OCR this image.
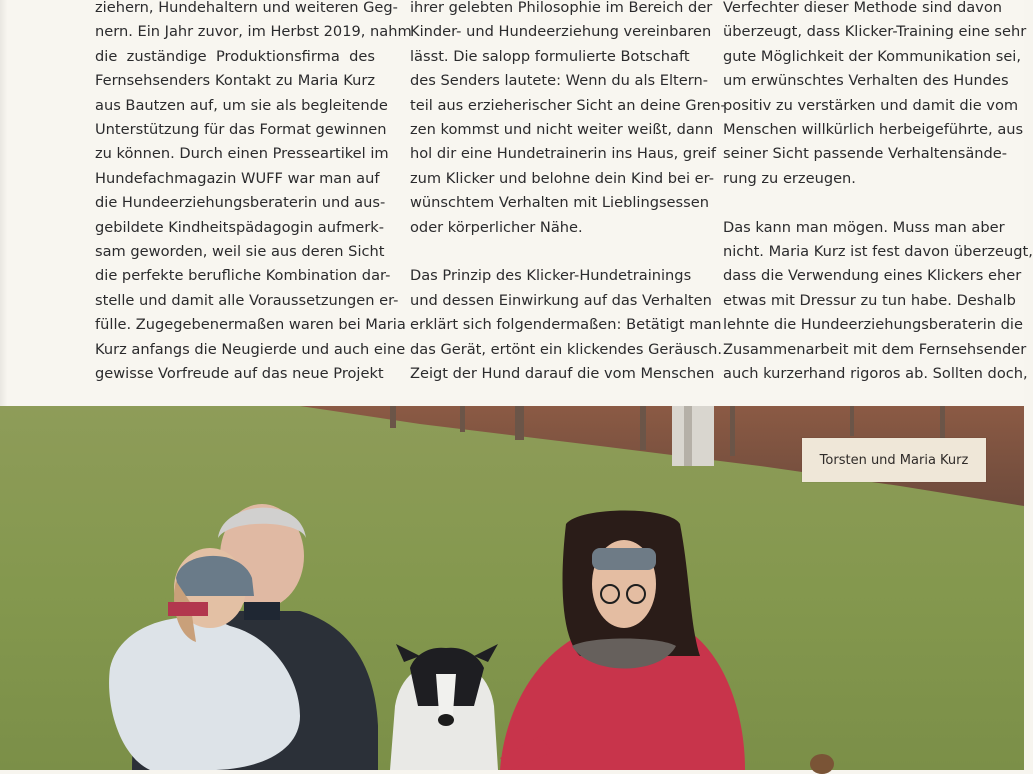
ziehern, Hundehaltern und weiteren Geg-
nern. Ein Jahr zuvor, im Herbst 2019, nahm
die zuständige Produktionsfirma des
Fernsehsenders Kontakt zu Maria Kurz
aus Bautzen auf, um sie als begleitende
Unterstützung für das Format gewinnen
zu können. Durch einen Presseartikel im
Hundefachmagazin WUFF war man auf
die Hundeerziehungsberaterin und aus-
gebildete Kindheitspädagogin aufmerk-
sam geworden, weil sie aus deren Sicht
die perfekte berufliche Kombination dar-
stelle und damit alle Voraussetzungen er-
fülle. Zugegebenermaßen waren bei Maria
Kurz anfangs die Neugierde und auch eine
gewisse Vorfreude auf das neue Projekt
ihrer gelebten Philosophie im Bereich der
Kinder- und Hundeerziehung vereinbaren
lässt. Die salopp formulierte Botschaft
des Senders lautete: Wenn du als Eltern-
teil aus erzieherischer Sicht an deine Gren-
zen kommst und nicht weiter weißt, dann
hol dir eine Hundetrainerin ins Haus, greif
zum Klicker und belohne dein Kind bei er-
wünschtem Verhalten mit Lieblingsessen
oder körperlicher Nähe.
Das Prinzip des Klicker-Hundetrainings
und dessen Einwirkung auf das Verhalten
erklärt sich folgendermaßen: Betätigt man
das Gerät, ertönt ein klickendes Geräusch.
Zeigt der Hund darauf die vom Menschen
Verfechter dieser Methode sind davon
überzeugt, dass Klicker-Training eine sehr
gute Möglichkeit der Kommunikation sei,
um erwünschtes Verhalten des Hundes
positiv zu verstärken und damit die vom
Menschen willkürlich herbeigeführte, aus
seiner Sicht passende Verhaltensände-
rung zu erzeugen.
Das kann man mögen. Muss man aber
nicht. Maria Kurz ist fest davon überzeugt,
dass die Verwendung eines Klickers eher
etwas mit Dressur zu tun habe. Deshalb
lehnte die Hundeerziehungsberaterin die
Zusammenarbeit mit dem Fernsehsender
auch kurzerhand rigoros ab. Sollten doch,
Torsten und Maria Kurz
